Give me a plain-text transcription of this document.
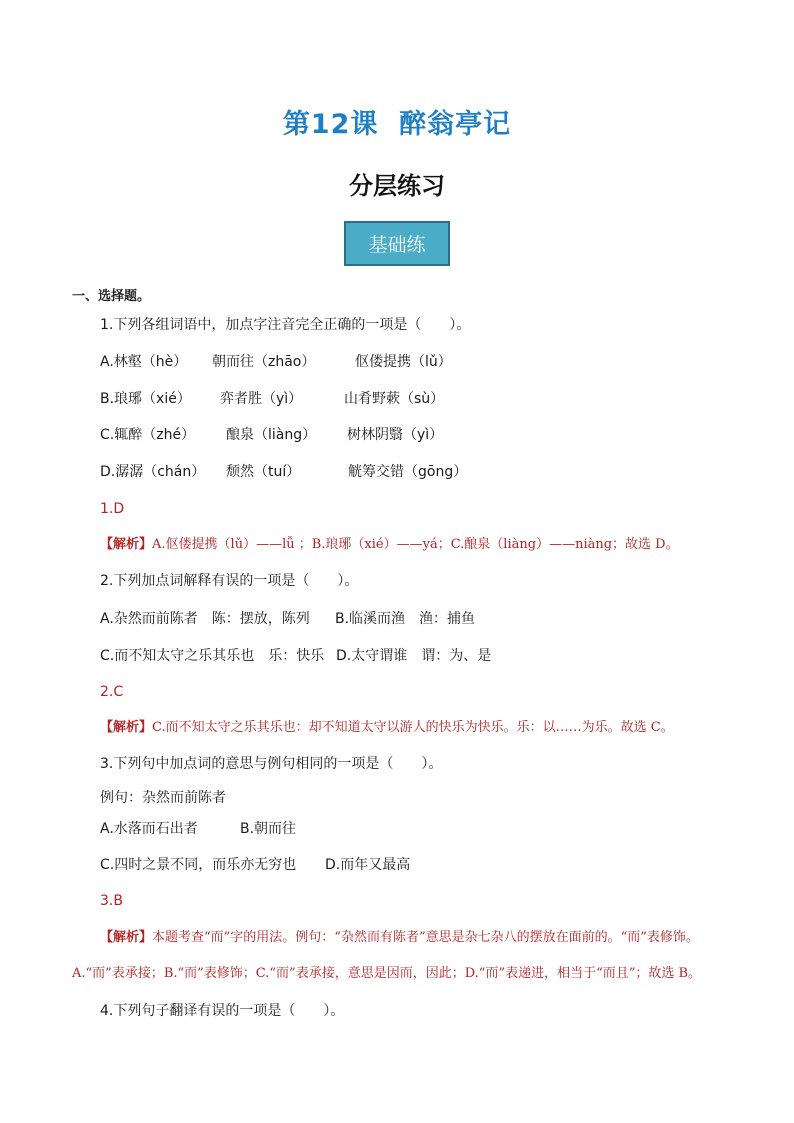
第12课  醉翁亭记
分层练习
基础练
一、选择题。
1.下列各组词语中，加点字注音完全正确的一项是（　　）。
A.林壑（hè） 朝而往（zhāo）	伛偻提携（lǔ）
B.琅琊（xié） 弈者胜（yì）	山肴野蔌（sù）
C.辄醉（zhé） 酿泉（liàng） 树林阴翳（yì）
D.潺潺（chán） 颓然（tuí）	觥筹交错（gōng）
1.D
【解析】A.伛偻提携（lǔ）——lǚ ；B.琅琊（xié）——yá；C.酿泉（liàng）——niàng；故选 D。
2.下列加点词解释有误的一项是（　　）。
A.杂然而前陈者　陈：摆放，陈列 B.临溪而渔　渔：捕鱼
C.而不知太守之乐其乐也　乐：快乐 D.太守谓谁　谓：为、是
2.C
【解析】C.而不知太守之乐其乐也：却不知道太守以游人的快乐为快乐。乐：以……为乐。故选 C。
3.下列句中加点词的意思与例句相同的一项是（　　）。
例句：杂然而前陈者
A.水落而石出者	B.朝而往
C.四时之景不同，而乐亦无穷也 D.而年又最高
3.B
【解析】本题考查“而”字的用法。例句：“杂然而有陈者”意思是杂七杂八的摆放在面前的。“而”表修饰。
A.“而”表承接；B.“而”表修饰；C.“而”表承接，意思是因而，因此；D.“而”表递进，相当于“而且”；故选 B。
4.下列句子翻译有误的一项是（　　）。
